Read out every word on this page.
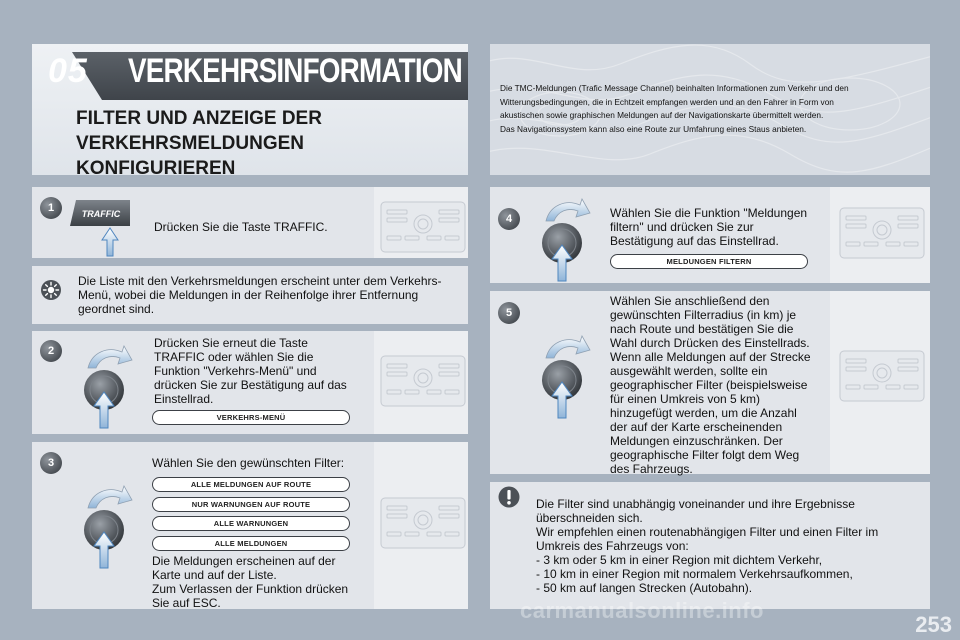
05	VERKEHRSINFORMATION
FILTER UND ANZEIGE DER
VERKEHRSMELDUNGEN
KONFIGURIEREN
Die TMC-Meldungen (Trafic Message Channel) beinhalten Informationen zum Verkehr und den
Witterungsbedingungen, die in Echtzeit empfangen werden und an den Fahrer in Form von
akustischen sowie graphischen Meldungen auf der Navigationskarte übermittelt werden.
Das Navigationssystem kann also eine Route zur Umfahrung eines Staus anbieten.
1	TRAFFIC
Drücken Sie die Taste TRAFFIC.
Die Liste mit den Verkehrsmeldungen erscheint unter dem Verkehrs-
Menü, wobei die Meldungen in der Reihenfolge ihrer Entfernung
geordnet sind.
2
Drücken Sie erneut die Taste
TRAFFIC oder wählen Sie die
Funktion "Verkehrs-Menü" und
drücken Sie zur Bestätigung auf das
Einstellrad.
VERKEHRS-MENÜ
3	Wählen Sie den gewünschten Filter:
ALLE MELDUNGEN AUF ROUTE
NUR WARNUNGEN AUF ROUTE
ALLE WARNUNGEN
ALLE MELDUNGEN
Die Meldungen erscheinen auf der
Karte und auf der Liste.
Zum Verlassen der Funktion drücken
Sie auf ESC.
4	Wählen Sie die Funktion "Meldungen
filtern" und drücken Sie zur
Bestätigung auf das Einstellrad.
MELDUNGEN FILTERN
5
Wählen Sie anschließend den
gewünschten Filterradius (in km) je
nach Route und bestätigen Sie die
Wahl durch Drücken des Einstellrads.
Wenn alle Meldungen auf der Strecke
ausgewählt werden, sollte ein
geographischer Filter (beispielsweise
für einen Umkreis von 5 km)
hinzugefügt werden, um die Anzahl
der auf der Karte erscheinenden
Meldungen einzuschränken. Der
geographische Filter folgt dem Weg
des Fahrzeugs.
Die Filter sind unabhängig voneinander und ihre Ergebnisse
überschneiden sich.
Wir empfehlen einen routenabhängigen Filter und einen Filter im
Umkreis des Fahrzeugs von:
- 3 km oder 5 km in einer Region mit dichtem Verkehr,
- 10 km in einer Region mit normalem Verkehrsaufkommen,
- 50 km auf langen Strecken (Autobahn).
carmanualsonline.info
253
